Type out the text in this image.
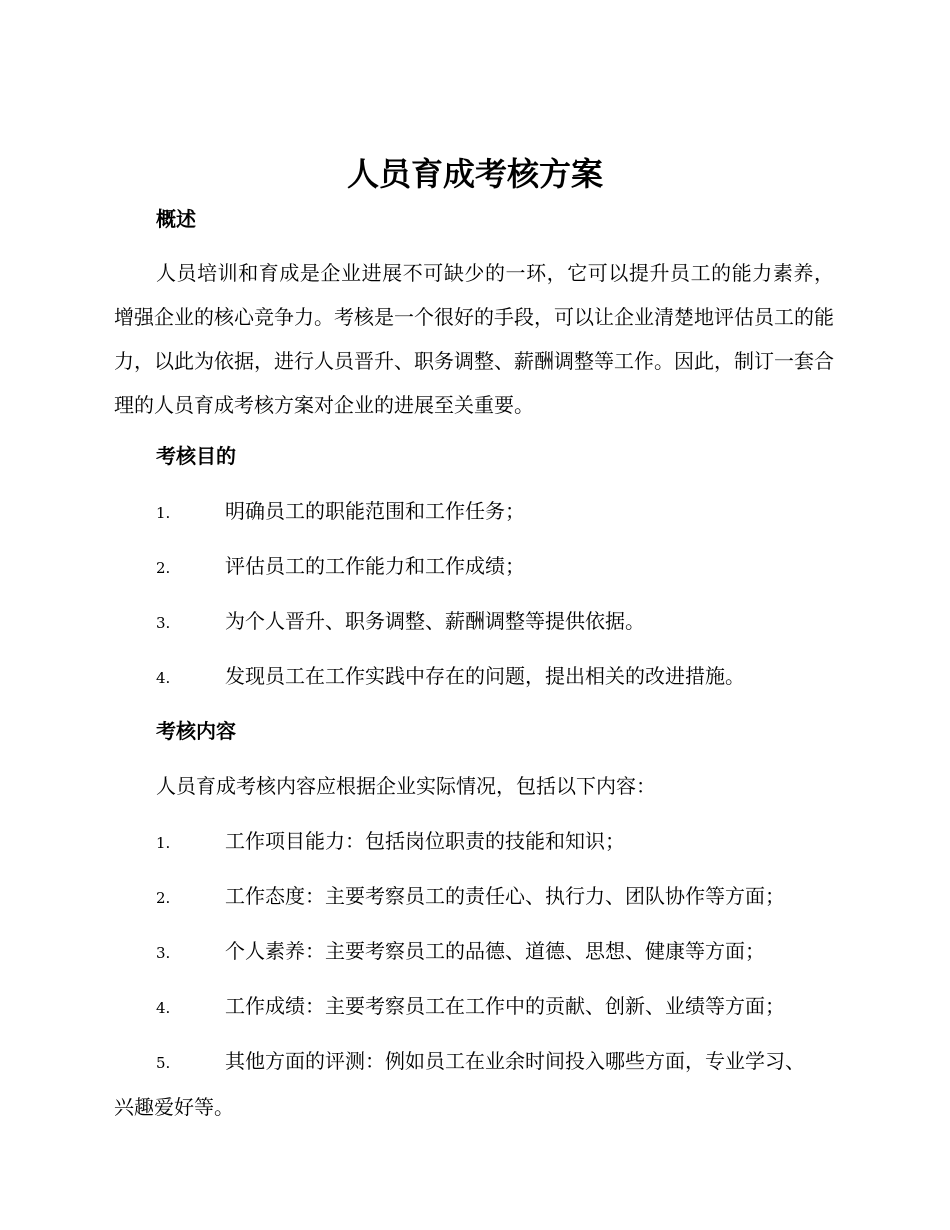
人员育成考核方案
概述
人员培训和育成是企业进展不可缺少的一环，它可以提升员工的能力素养，增强企业的核心竞争力。考核是一个很好的手段，可以让企业清楚地评估员工的能力，以此为依据，进行人员晋升、职务调整、薪酬调整等工作。因此，制订一套合理的人员育成考核方案对企业的进展至关重要。
考核目的
1.	明确员工的职能范围和工作任务；
2.	评估员工的工作能力和工作成绩；
3.	为个人晋升、职务调整、薪酬调整等提供依据。
4.	发现员工在工作实践中存在的问题，提出相关的改进措施。
考核内容
人员育成考核内容应根据企业实际情况，包括以下内容：
1.	工作项目能力：包括岗位职责的技能和知识；
2.	工作态度：主要考察员工的责任心、执行力、团队协作等方面；
3.	个人素养：主要考察员工的品德、道德、思想、健康等方面；
4.	工作成绩：主要考察员工在工作中的贡献、创新、业绩等方面；
5.	其他方面的评测：例如员工在业余时间投入哪些方面，专业学习、兴趣爱好等。
